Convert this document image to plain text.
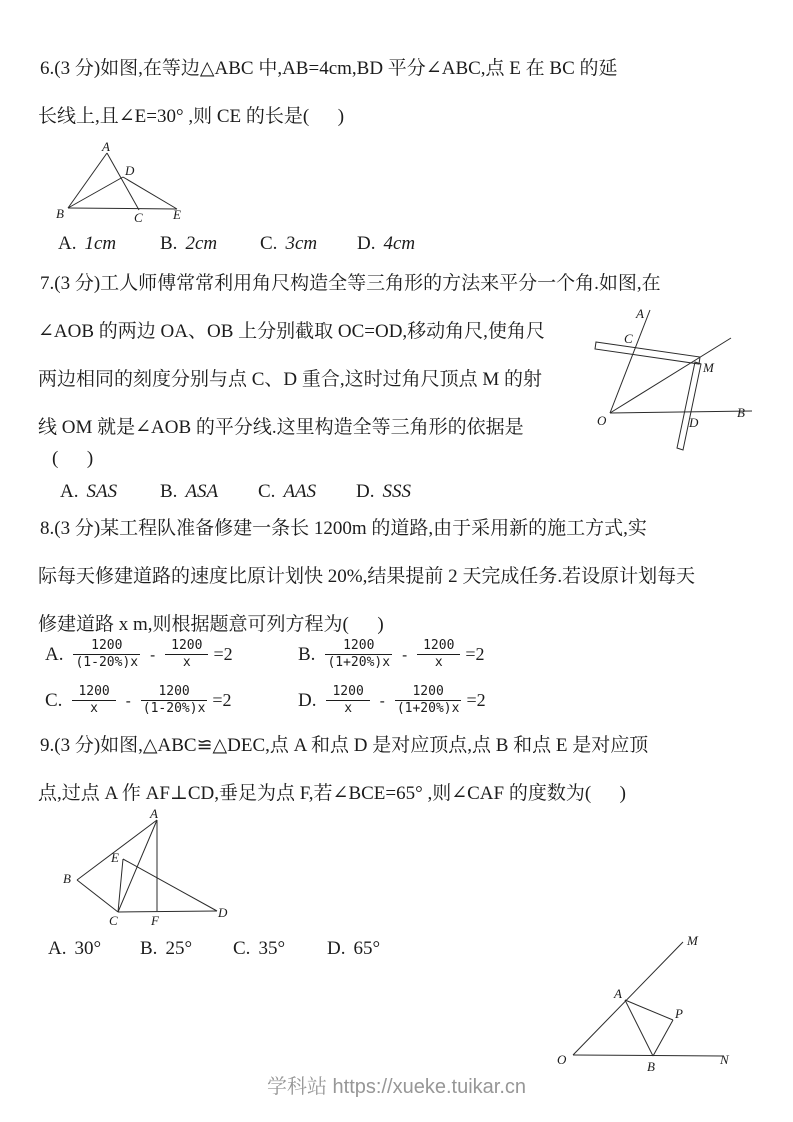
6.(3 分)如图,在等边△ABC 中,AB=4cm,BD 平分∠ABC,点 E 在 BC 的延
长线上,且∠E=30° ,则 CE 的长是(      )
A
B	C
D
E
A. 1cm B. 2cm C. 3cm D. 4cm
7.(3 分)工人师傅常常利用角尺构造全等三角形的方法来平分一个角.如图,在
∠AOB 的两边 OA、OB 上分别截取 OC=OD,移动角尺,使角尺
两边相同的刻度分别与点 C、D 重合,这时过角尺顶点 M 的射
线 OM 就是∠AOB 的平分线.这里构造全等三角形的依据是
(      )
A
C
M
O	D
B
A. SAS B. ASA C. AAS D. SSS
8.(3 分)某工程队准备修建一条长 1200m 的道路,由于采用新的施工方式,实
际每天修建道路的速度比原计划快 20%,结果提前 2 天完成任务.若设原计划每天
修建道路 x m,则根据题意可列方程为(      )
A. $\frac{1200}{(1-20\%)x} - \frac{1200}{x} =2$	B. $\frac{1200}{(1+20\%)x} - \frac{1200}{x} =2$
C. $\frac{1200}{x} - \frac{1200}{(1-20\%)x} =2$	D. $\frac{1200}{x} - \frac{1200}{(1+20\%)x} =2$
9.(3 分)如图,△ABC≌△DEC,点 A 和点 D 是对应顶点,点 B 和点 E 是对应顶
点,过点 A 作 AF⊥CD,垂足为点 F,若∠BCE=65° ,则∠CAF 的度数为(      )
A
B
E
C	F
D
A. 30° B. 25° C. 35° D. 65°	M
A
P
O	B	N
学科站 https://xueke.tuikar.cn
